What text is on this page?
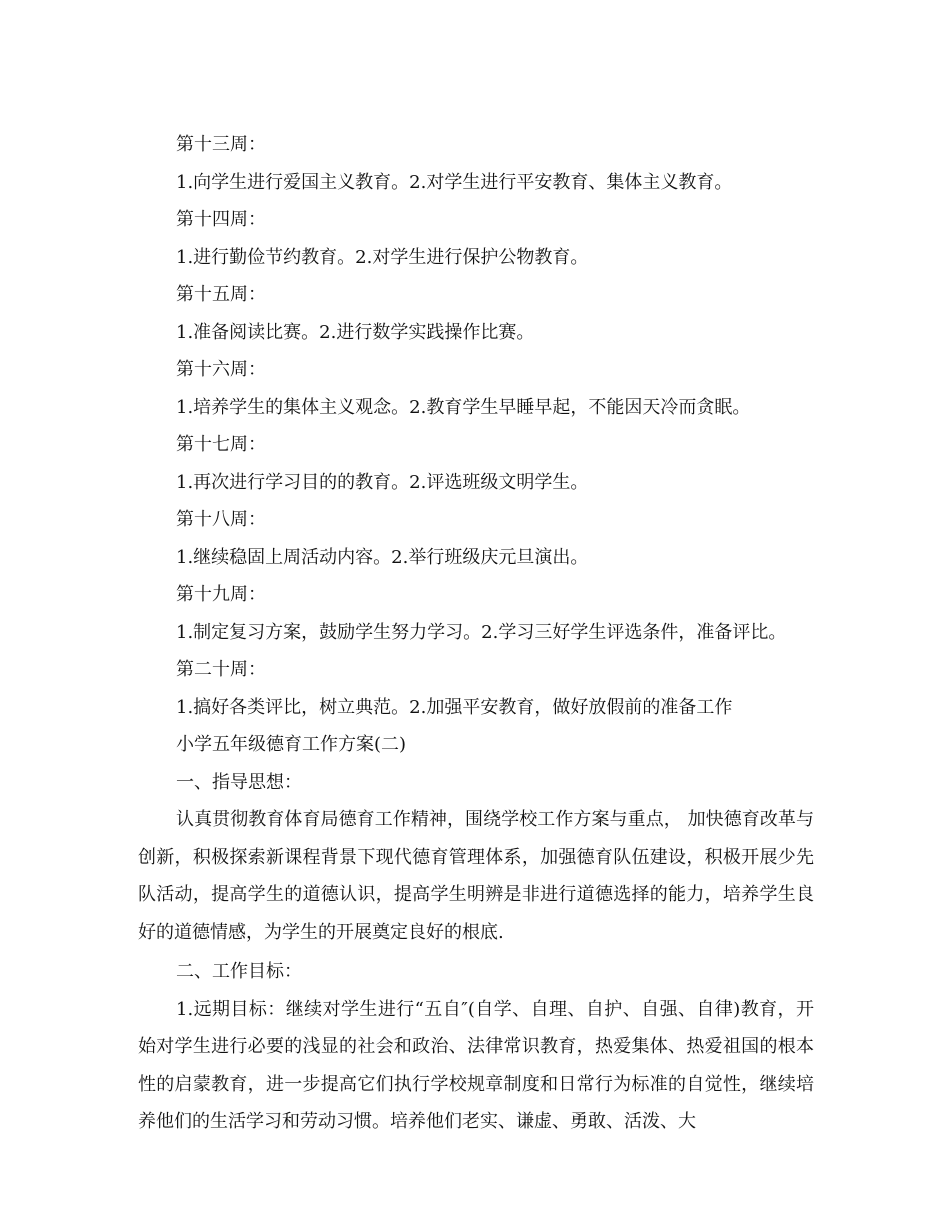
第十三周：
1.向学生进行爱国主义教育。2.对学生进行平安教育、集体主义教育。
第十四周：
1.进行勤俭节约教育。2.对学生进行保护公物教育。
第十五周：
1.准备阅读比赛。2.进行数学实践操作比赛。
第十六周：
1.培养学生的集体主义观念。2.教育学生早睡早起，不能因天冷而贪眠。
第十七周：
1.再次进行学习目的的教育。2.评选班级文明学生。
第十八周：
1.继续稳固上周活动内容。2.举行班级庆元旦演出。
第十九周：
1.制定复习方案，鼓励学生努力学习。2.学习三好学生评选条件，准备评比。
第二十周：
1.搞好各类评比，树立典范。2.加强平安教育，做好放假前的准备工作
小学五年级德育工作方案(二)
一、指导思想：

认真贯彻教育体育局德育工作精神，围绕学校工作方案与重点， 加快德育改革与创新，积极探索新课程背景下现代德育管理体系，加强德育队伍建设，积极开展少先队活动，提高学生的道德认识，提高学生明辨是非进行道德选择的能力，培养学生良好的道德情感，为学生的开展奠定良好的根底.

二、工作目标：

1.远期目标：继续对学生进行“五自″(自学、自理、自护、自强、自律)教育，开始对学生进行必要的浅显的社会和政治、法律常识教育，热爱集体、热爱祖国的根本性的启蒙教育，进一步提高它们执行学校规章制度和日常行为标准的自觉性，继续培养他们的生活学习和劳动习惯。培养他们老实、谦虚、勇敢、活泼、大
